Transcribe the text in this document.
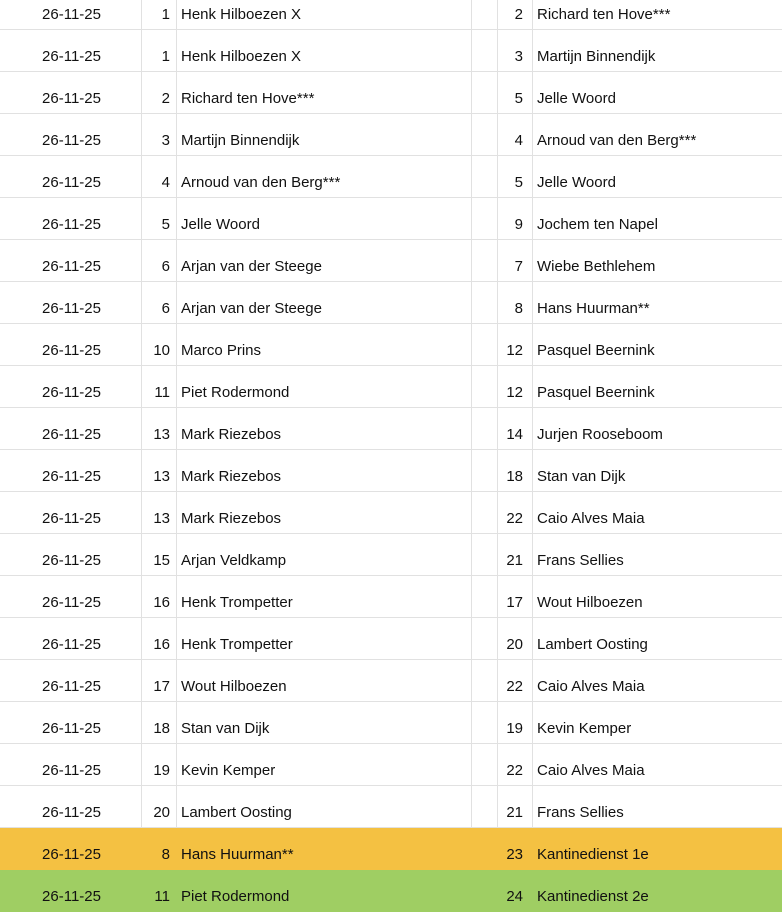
26-11-25	1 Henk Hilboezen X	2 Richard ten Hove***
26-11-25	1 Henk Hilboezen X	3 Martijn Binnendijk
26-11-25	2 Richard ten Hove***	5 Jelle Woord
26-11-25	3 Martijn Binnendijk	4 Arnoud van den Berg***
26-11-25	4 Arnoud van den Berg***	5 Jelle Woord
26-11-25	5 Jelle Woord	9 Jochem ten Napel
26-11-25	6 Arjan van der Steege	7 Wiebe Bethlehem
26-11-25	6 Arjan van der Steege	8 Hans Huurman**
26-11-25	10 Marco Prins	12 Pasquel Beernink
26-11-25	11 Piet Rodermond	12 Pasquel Beernink
26-11-25	13 Mark Riezebos	14 Jurjen Rooseboom
26-11-25	13 Mark Riezebos	18 Stan van Dijk
26-11-25	13 Mark Riezebos	22 Caio Alves Maia
26-11-25	15 Arjan Veldkamp	21 Frans Sellies
26-11-25	16 Henk Trompetter	17 Wout Hilboezen
26-11-25	16 Henk Trompetter	20 Lambert Oosting
26-11-25	17 Wout Hilboezen	22 Caio Alves Maia
26-11-25	18 Stan van Dijk	19 Kevin Kemper
26-11-25	19 Kevin Kemper	22 Caio Alves Maia
26-11-25	20 Lambert Oosting	21 Frans Sellies
26-11-25	8 Hans Huurman**	23 Kantinedienst 1e
26-11-25	11 Piet Rodermond	24 Kantinedienst 2e
